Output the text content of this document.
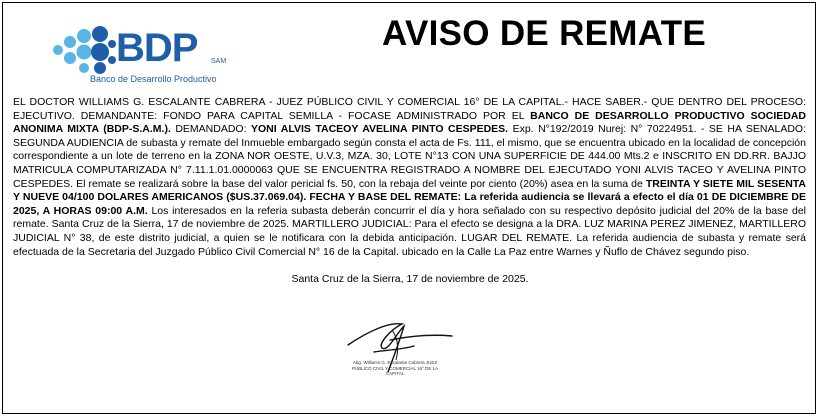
BDP SAM
Banco de Desarrollo Productivo
AVISO DE REMATE
EL DOCTOR WILLIAMS G. ESCALANTE CABRERA - JUEZ PÚBLICO CIVIL Y COMERCIAL 16° DE LA CAPITAL.- HACE SABER.- QUE DENTRO DEL PROCESO: EJECUTIVO. DEMANDANTE: FONDO PARA CAPITAL SEMILLA - FOCASE ADMINISTRADO POR EL BANCO DE DESARROLLO PRODUCTIVO SOCIEDAD ANONIMA MIXTA (BDP-S.A.M.). DEMANDADO: YONI ALVIS TACEOY AVELINA PINTO CESPEDES. Exp. N°192/2019 Nurej: N° 70224951. - SE HA SENALADO: SEGUNDA AUDIENCIA de subasta y remate del Inmueble embargado según consta el acta de Fs. 111, el mismo, que se encuentra ubicado en la localidad de concepción correspondiente a un lote de terreno en la ZONA NOR OESTE, U.V.3, MZA. 30, LOTE N°13 CON UNA SUPERFICIE DE 444.00 Mts.2 e INSCRITO EN DD.RR. BAJJO MATRICULA COMPUTARIZADA N° 7.11.1.01.0000063 QUE SE ENCUENTRA REGISTRADO A NOMBRE DEL EJECUTADO YONI ALVIS TACEO Y AVELINA PINTO CESPEDES. El remate se realizará sobre la base del valor pericial fs. 50, con la rebaja del veinte por ciento (20%) asea en la suma de TREINTA Y SIETE MIL SESENTA Y NUEVE 04/100 DOLARES AMERICANOS ($US.37.069.04). FECHA Y BASE DEL REMATE: La referida audiencia se llevará a efecto el día 01 DE DICIEMBRE DE 2025, A HORAS 09:00 A.M. Los interesados en la referia subasta deberán concurrir el día y hora señalado con su respectivo depósito judicial del 20% de la base del remate. Santa Cruz de la Sierra, 17 de noviembre de 2025. MARTILLERO JUDICIAL: Para el efecto se designa a la DRA. LUZ MARINA PEREZ JIMENEZ, MARTILLERO JUDICIAL N° 38, de este distrito judicial, a quien se le notificara con la debida anticipación. LUGAR DEL REMATE. La referida audiencia de subasta y remate será efectuada de la Secretaria del Juzgado Público Civil Comercial N° 16 de la Capital. ubicado en la Calle La Paz entre Warnes y Ñuflo de Chávez segundo piso.
Santa Cruz de la Sierra, 17 de noviembre de 2025.
Abg. Williams G. Escalante Cabrera JUEZ PÚBLICO CIVIL Y COMERCIAL 16° DE LA CAPITAL
